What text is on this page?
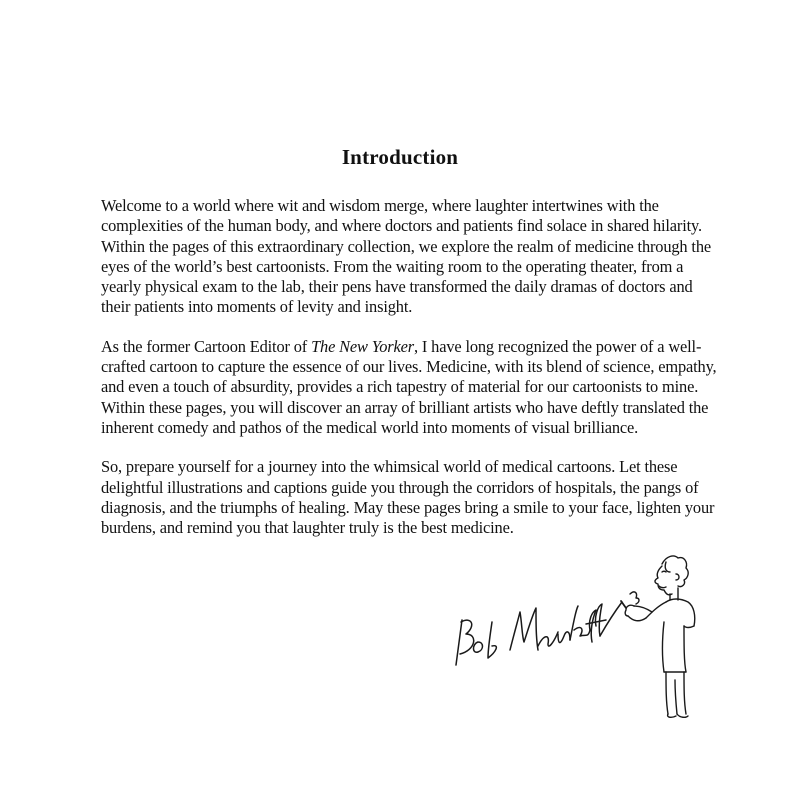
Introduction

Welcome to a world where wit and wisdom merge, where laughter intertwines with the complexities of the human body, and where doctors and patients find solace in shared hilarity. Within the pages of this extraordinary collection, we explore the realm of medicine through the eyes of the world’s best cartoonists. From the waiting room to the operating theater, from a yearly physical exam to the lab, their pens have transformed the daily dramas of doctors and their patients into moments of levity and insight.

As the former Cartoon Editor of The New Yorker, I have long recognized the power of a well-crafted cartoon to capture the essence of our lives. Medicine, with its blend of science, empathy, and even a touch of absurdity, provides a rich tapestry of material for our cartoonists to mine. Within these pages, you will discover an array of brilliant artists who have deftly translated the inherent comedy and pathos of the medical world into moments of visual brilliance.

So, prepare yourself for a journey into the whimsical world of medical cartoons. Let these delightful illustrations and captions guide you through the corridors of hospitals, the pangs of diagnosis, and the triumphs of healing. May these pages bring a smile to your face, lighten your burdens, and remind you that laughter truly is the best medicine.
